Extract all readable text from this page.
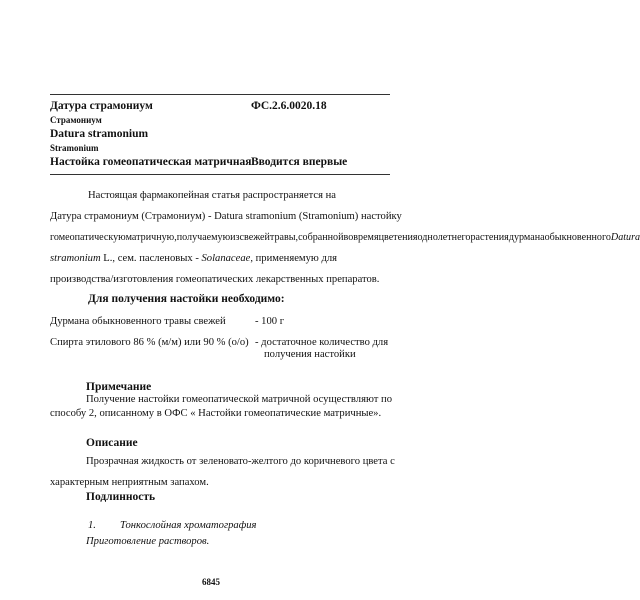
Датура страмониум	ФС.2.6.0020.18
Страмониум
Datura stramonium
Stramonium
Настойка гомеопатическая матричная Вводится впервые
Настоящая фармакопейная статья распространяется на
Датура страмониум (Страмониум) - Datura stramonium (Stramonium) настойку
гомеопатическуюматричную,получаемуюизсвежейтравы,собраннойвовремяцветенияоднолетнегорастениядурманаобыкновенногоDatura
stramonium L., сем. пасленовых - Solanaceae, применяемую для
производства/изготовления гомеопатических лекарственных препаратов.
Для получения настойки необходимо:
Дурмана обыкновенного травы свежей	- 100 г
Спирта этилового 86 % (м/м) или 90 % (о/о) - достаточное количество для
получения настойки
Примечание
Получение настойки гомеопатической матричной осуществляют по
способу 2, описанному в ОФС « Настойки гомеопатические матричные».
Описание
Прозрачная жидкость от зеленовато-желтого до коричневого цвета с
характерным неприятным запахом.
Подлинность
1. Тонкослойная хроматография
Приготовление растворов.
6845
